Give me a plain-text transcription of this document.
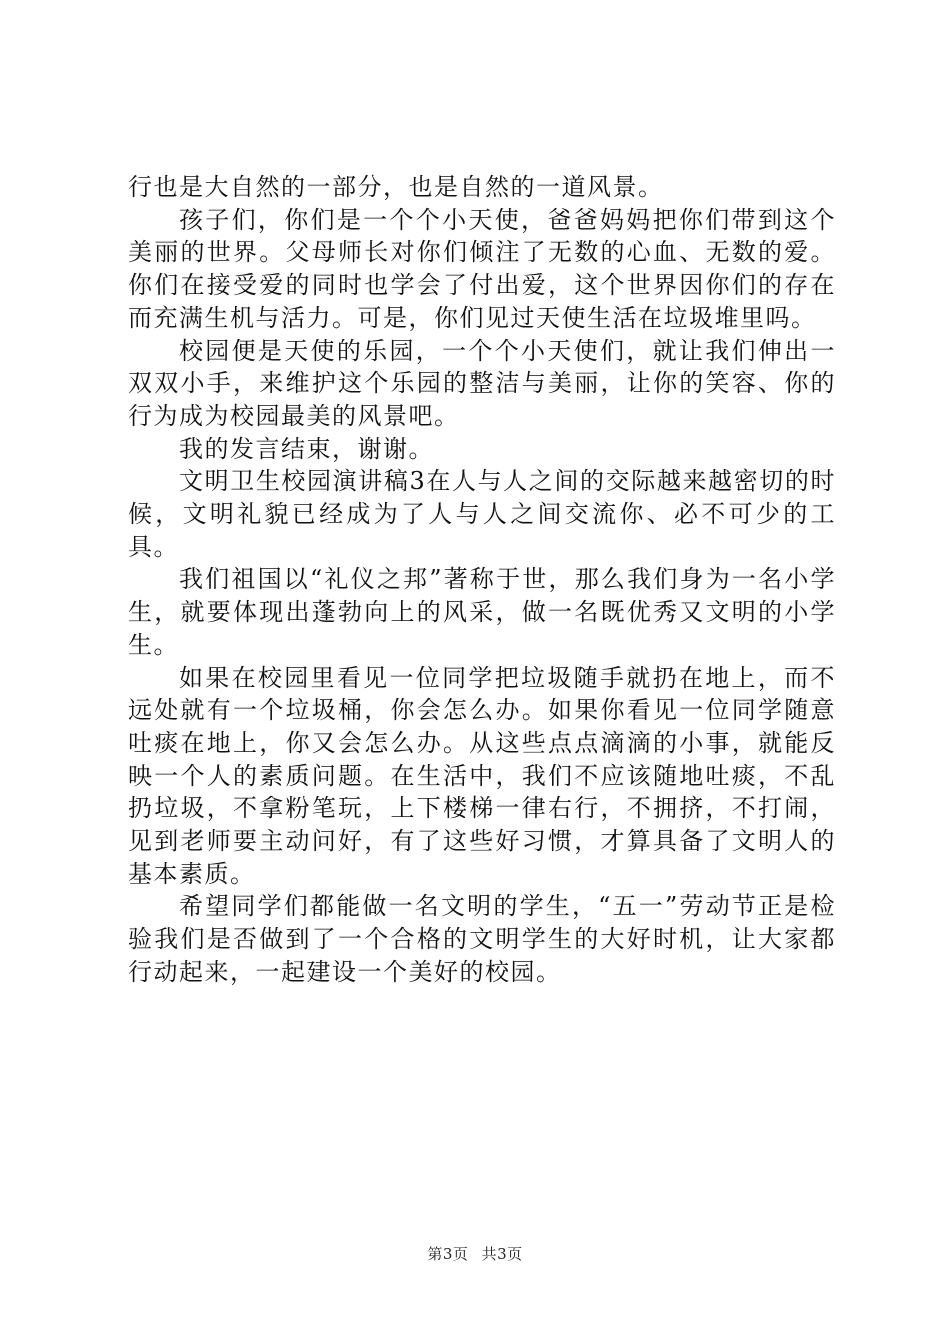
行也是大自然的一部分，也是自然的一道风景。

孩子们，你们是一个个小天使，爸爸妈妈把你们带到这个美丽的世界。父母师长对你们倾注了无数的心血、无数的爱。你们在接受爱的同时也学会了付出爱，这个世界因你们的存在而充满生机与活力。可是，你们见过天使生活在垃圾堆里吗。

校园便是天使的乐园，一个个小天使们，就让我们伸出一双双小手，来维护这个乐园的整洁与美丽，让你的笑容、你的行为成为校园最美的风景吧。

我的发言结束，谢谢。

文明卫生校园演讲稿3在人与人之间的交际越来越密切的时候，文明礼貌已经成为了人与人之间交流你、必不可少的工具。

我们祖国以“礼仪之邦”著称于世，那么我们身为一名小学生，就要体现出蓬勃向上的风采，做一名既优秀又文明的小学生。

如果在校园里看见一位同学把垃圾随手就扔在地上，而不远处就有一个垃圾桶，你会怎么办。如果你看见一位同学随意吐痰在地上，你又会怎么办。从这些点点滴滴的小事，就能反映一个人的素质问题。在生活中，我们不应该随地吐痰，不乱扔垃圾，不拿粉笔玩，上下楼梯一律右行，不拥挤，不打闹，见到老师要主动问好，有了这些好习惯，才算具备了文明人的基本素质。

希望同学们都能做一名文明的学生，“五一”劳动节正是检验我们是否做到了一个合格的文明学生的大好时机，让大家都行动起来，一起建设一个美好的校园。

第3页 共3页
